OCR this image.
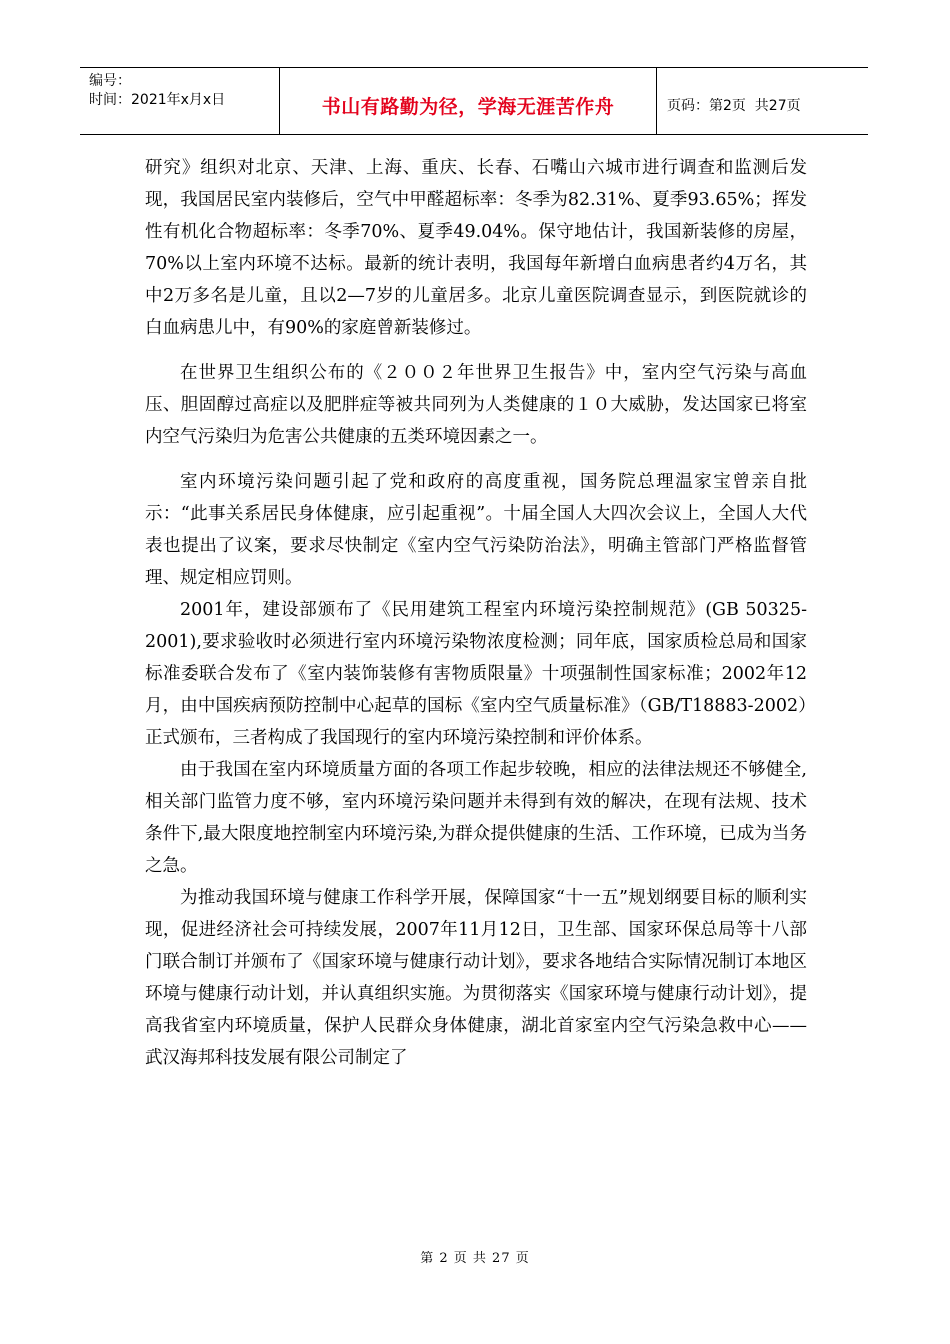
编号：
时间：2021年x月x日	书山有路勤为径，学海无涯苦作舟	页码：第2页  共27页

研究》组织对北京、天津、上海、重庆、长春、石嘴山六城市进行调查和监测后发现，我国居民室内装修后，空气中甲醛超标率：冬季为82.31%、夏季93.65%；挥发性有机化合物超标率：冬季70%、夏季49.04%。保守地估计，我国新装修的房屋，70%以上室内环境不达标。最新的统计表明，我国每年新增白血病患者约4万名，其中2万多名是儿童，且以2—7岁的儿童居多。北京儿童医院调查显示，到医院就诊的白血病患儿中，有90%的家庭曾新装修过。

在世界卫生组织公布的《２００２年世界卫生报告》中，室内空气污染与高血压、胆固醇过高症以及肥胖症等被共同列为人类健康的１０大威胁，发达国家已将室内空气污染归为危害公共健康的五类环境因素之一。

室内环境污染问题引起了党和政府的高度重视，国务院总理温家宝曾亲自批示：“此事关系居民身体健康，应引起重视”。十届全国人大四次会议上，全国人大代表也提出了议案，要求尽快制定《室内空气污染防治法》，明确主管部门严格监督管理、规定相应罚则。

2001年，建设部颁布了《民用建筑工程室内环境污染控制规范》(GB 50325-2001),要求验收时必须进行室内环境污染物浓度检测；同年底，国家质检总局和国家标准委联合发布了《室内装饰装修有害物质限量》十项强制性国家标准；2002年12月，由中国疾病预防控制中心起草的国标《室内空气质量标准》（GB/T18883-2002）正式颁布，三者构成了我国现行的室内环境污染控制和评价体系。

由于我国在室内环境质量方面的各项工作起步较晚，相应的法律法规还不够健全,相关部门监管力度不够，室内环境污染问题并未得到有效的解决，在现有法规、技术条件下,最大限度地控制室内环境污染,为群众提供健康的生活、工作环境，已成为当务之急。

为推动我国环境与健康工作科学开展，保障国家“十一五”规划纲要目标的顺利实现，促进经济社会可持续发展，2007年11月12日，卫生部、国家环保总局等十八部门联合制订并颁布了《国家环境与健康行动计划》，要求各地结合实际情况制订本地区环境与健康行动计划，并认真组织实施。为贯彻落实《国家环境与健康行动计划》，提高我省室内环境质量，保护人民群众身体健康，湖北首家室内空气污染急救中心——武汉海邦科技发展有限公司制定了

第 2 页 共 27 页
